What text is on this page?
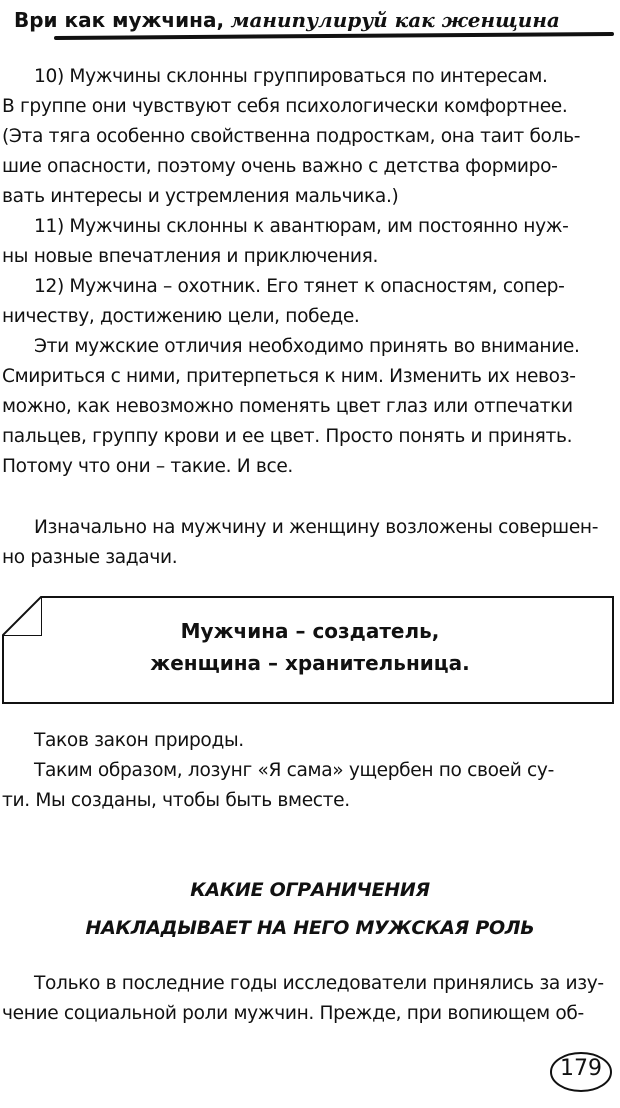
Ври как мужчина, манипулируй как женщина
10) Мужчины склонны группироваться по интересам.
В группе они чувствуют себя психологически комфортнее.
(Эта тяга особенно свойственна подросткам, она таит боль-
шие опасности, поэтому очень важно с детства формиро-
вать интересы и устремления мальчика.)
11) Мужчины склонны к авантюрам, им постоянно нуж-
ны новые впечатления и приключения.
12) Мужчина – охотник. Его тянет к опасностям, сопер-
ничеству, достижению цели, победе.
Эти мужские отличия необходимо принять во внимание.
Смириться с ними, притерпеться к ним. Изменить их невоз-
можно, как невозможно поменять цвет глаз или отпечатки
пальцев, группу крови и ее цвет. Просто понять и принять.
Потому что они – такие. И все.
Изначально на мужчину и женщину возложены совершен-
но разные задачи.
Мужчина – создатель,
женщина – хранительница.
Таков закон природы.
Таким образом, лозунг «Я сама» ущербен по своей су-
ти. Мы созданы, чтобы быть вместе.
КАКИЕ ОГРАНИЧЕНИЯ
НАКЛАДЫВАЕТ НА НЕГО МУЖСКАЯ РОЛЬ
Только в последние годы исследователи принялись за изу-
чение социальной роли мужчин. Прежде, при вопиющем об-
179
